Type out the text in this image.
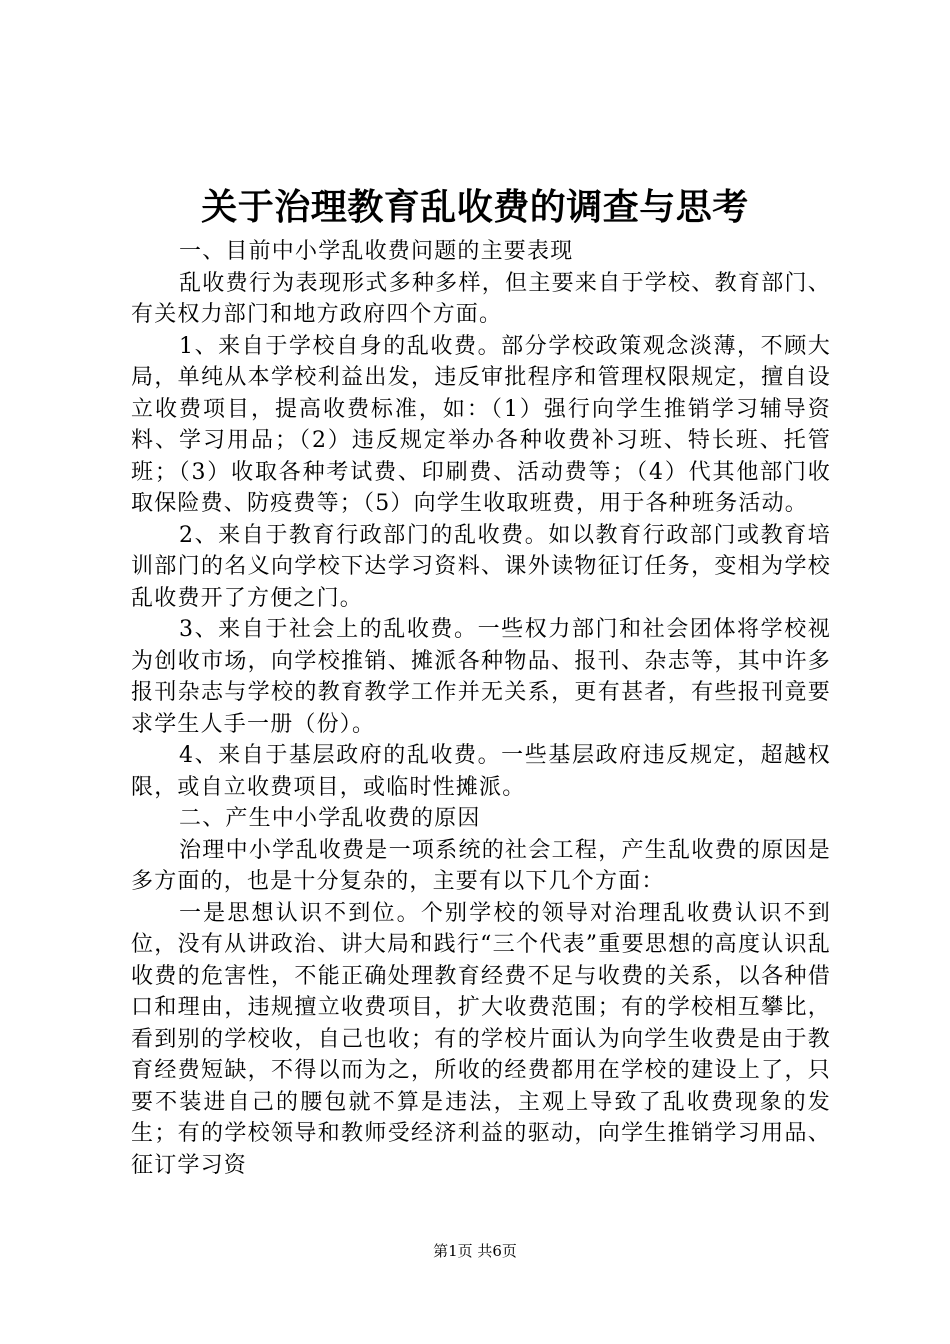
关于治理教育乱收费的调查与思考

一、目前中小学乱收费问题的主要表现

乱收费行为表现形式多种多样，但主要来自于学校、教育部门、有关权力部门和地方政府四个方面。

1、来自于学校自身的乱收费。部分学校政策观念淡薄，不顾大局，单纯从本学校利益出发，违反审批程序和管理权限规定，擅自设立收费项目，提高收费标准，如：（1）强行向学生推销学习辅导资料、学习用品；（2）违反规定举办各种收费补习班、特长班、托管班；（3）收取各种考试费、印刷费、活动费等；（4）代其他部门收取保险费、防疫费等；（5）向学生收取班费，用于各种班务活动。

2、来自于教育行政部门的乱收费。如以教育行政部门或教育培训部门的名义向学校下达学习资料、课外读物征订任务，变相为学校乱收费开了方便之门。

3、来自于社会上的乱收费。一些权力部门和社会团体将学校视为创收市场，向学校推销、摊派各种物品、报刊、杂志等，其中许多报刊杂志与学校的教育教学工作并无关系，更有甚者，有些报刊竟要求学生人手一册（份）。

4、来自于基层政府的乱收费。一些基层政府违反规定，超越权限，或自立收费项目，或临时性摊派。

二、产生中小学乱收费的原因

治理中小学乱收费是一项系统的社会工程，产生乱收费的原因是多方面的，也是十分复杂的，主要有以下几个方面：

一是思想认识不到位。个别学校的领导对治理乱收费认识不到位，没有从讲政治、讲大局和践行“三个代表”重要思想的高度认识乱收费的危害性，不能正确处理教育经费不足与收费的关系，以各种借口和理由，违规擅立收费项目，扩大收费范围；有的学校相互攀比，看到别的学校收，自己也收；有的学校片面认为向学生收费是由于教育经费短缺，不得以而为之，所收的经费都用在学校的建设上了，只要不装进自己的腰包就不算是违法，主观上导致了乱收费现象的发生；有的学校领导和教师受经济利益的驱动，向学生推销学习用品、征订学习资

第1页 共6页
